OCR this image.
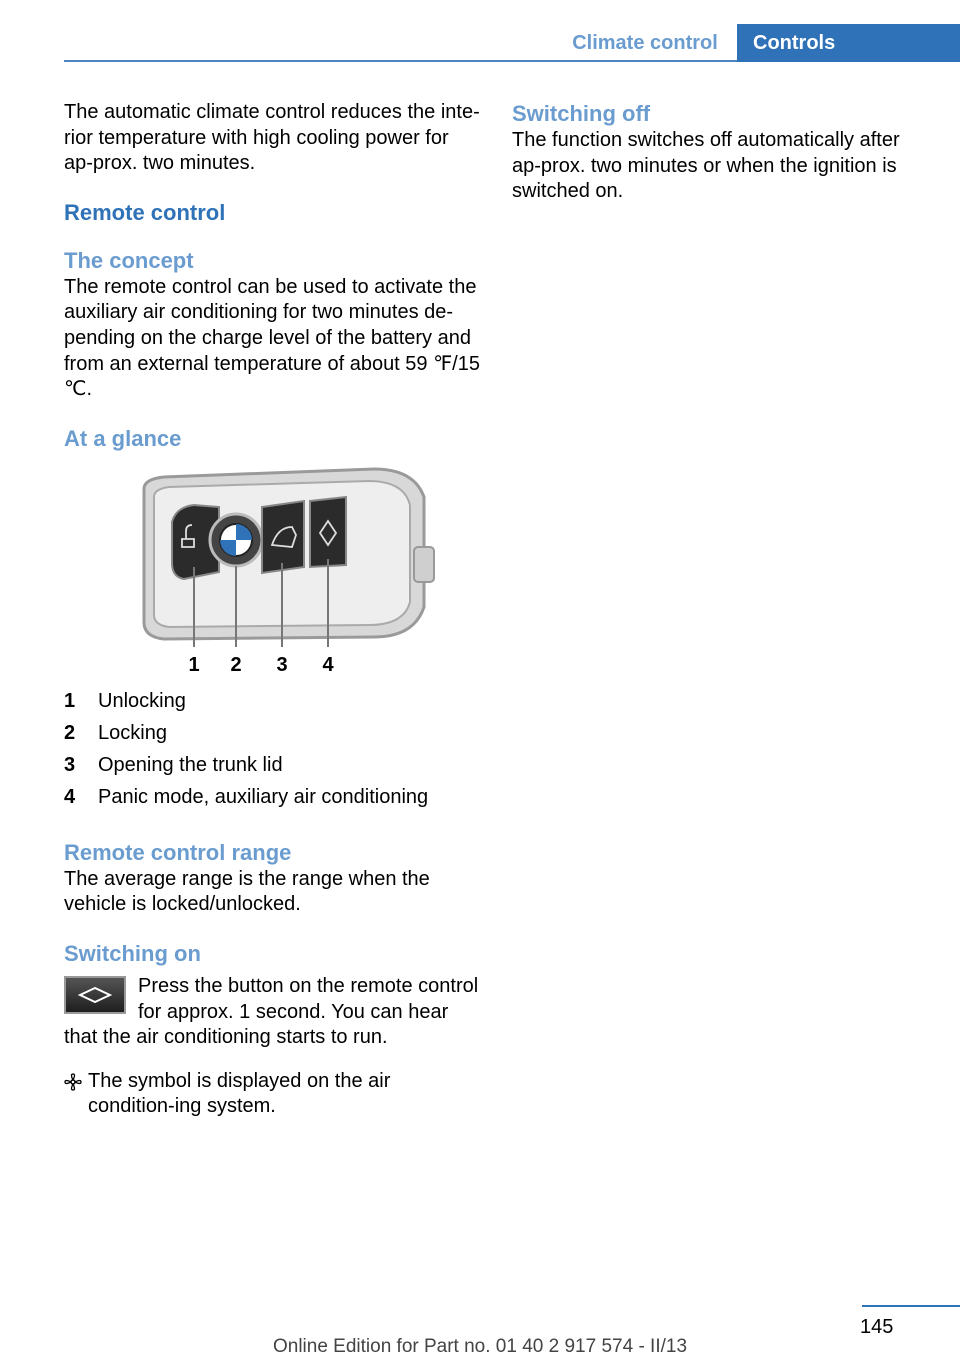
Climate control	Controls

The automatic climate control reduces the inte-rior temperature with high cooling power for ap-prox. two minutes.

Remote control
The concept

The remote control can be used to activate the auxiliary air conditioning for two minutes de-pending on the charge level of the battery and from an external temperature of about 59 ℉/15 ℃.

At a glance
1 2 3 4
1	Unlocking
2	Locking
3	Opening the trunk lid
4	Panic mode, auxiliary air conditioning
Remote control range

The average range is the range when the vehicle is locked/unlocked.

Switching on

Press the button on the remote control for approx. 1 second. You can hear that the air conditioning starts to run.

The symbol is displayed on the air condition-ing system.

Switching off

The function switches off automatically after ap-prox. two minutes or when the ignition is switched on.

145
Online Edition for Part no. 01 40 2 917 574 - II/13
